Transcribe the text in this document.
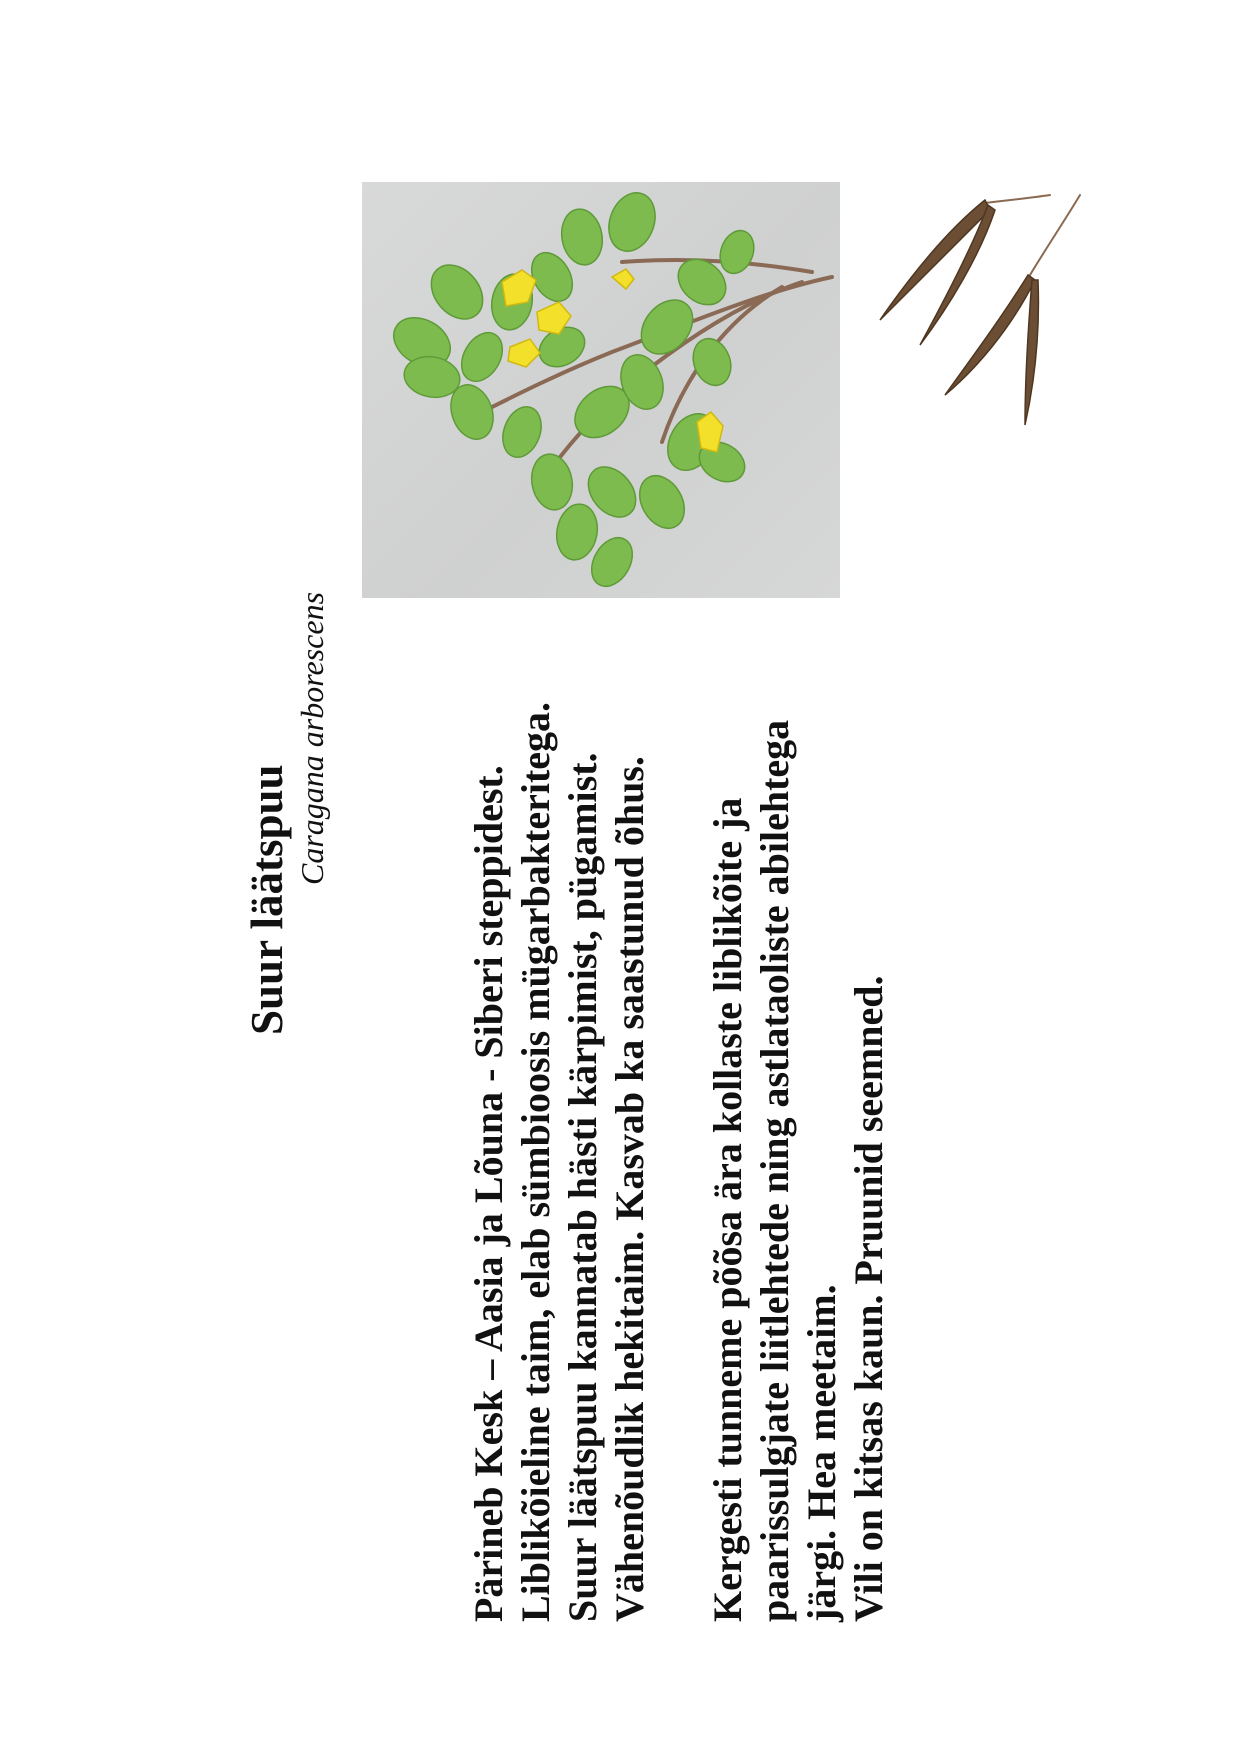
Suur läätspuu
Caragana arborescens
Pärineb Kesk – Aasia ja Lõuna - Siberi steppidest. Liblikõieline taim, elab sümbioosis mügarbakteritega. Suur läätspuu kannatab hästi kärpimist, pügamist. Vähenõudlik hekitaim. Kasvab ka saastunud õhus. Kergesti tunneme põõsa ära kollaste liblikõite ja paarissulgjate liitlehtede ning astlataoliste abilehtega järgi. Hea meetaim. Vili on kitsas kaun. Pruunid seemned.
